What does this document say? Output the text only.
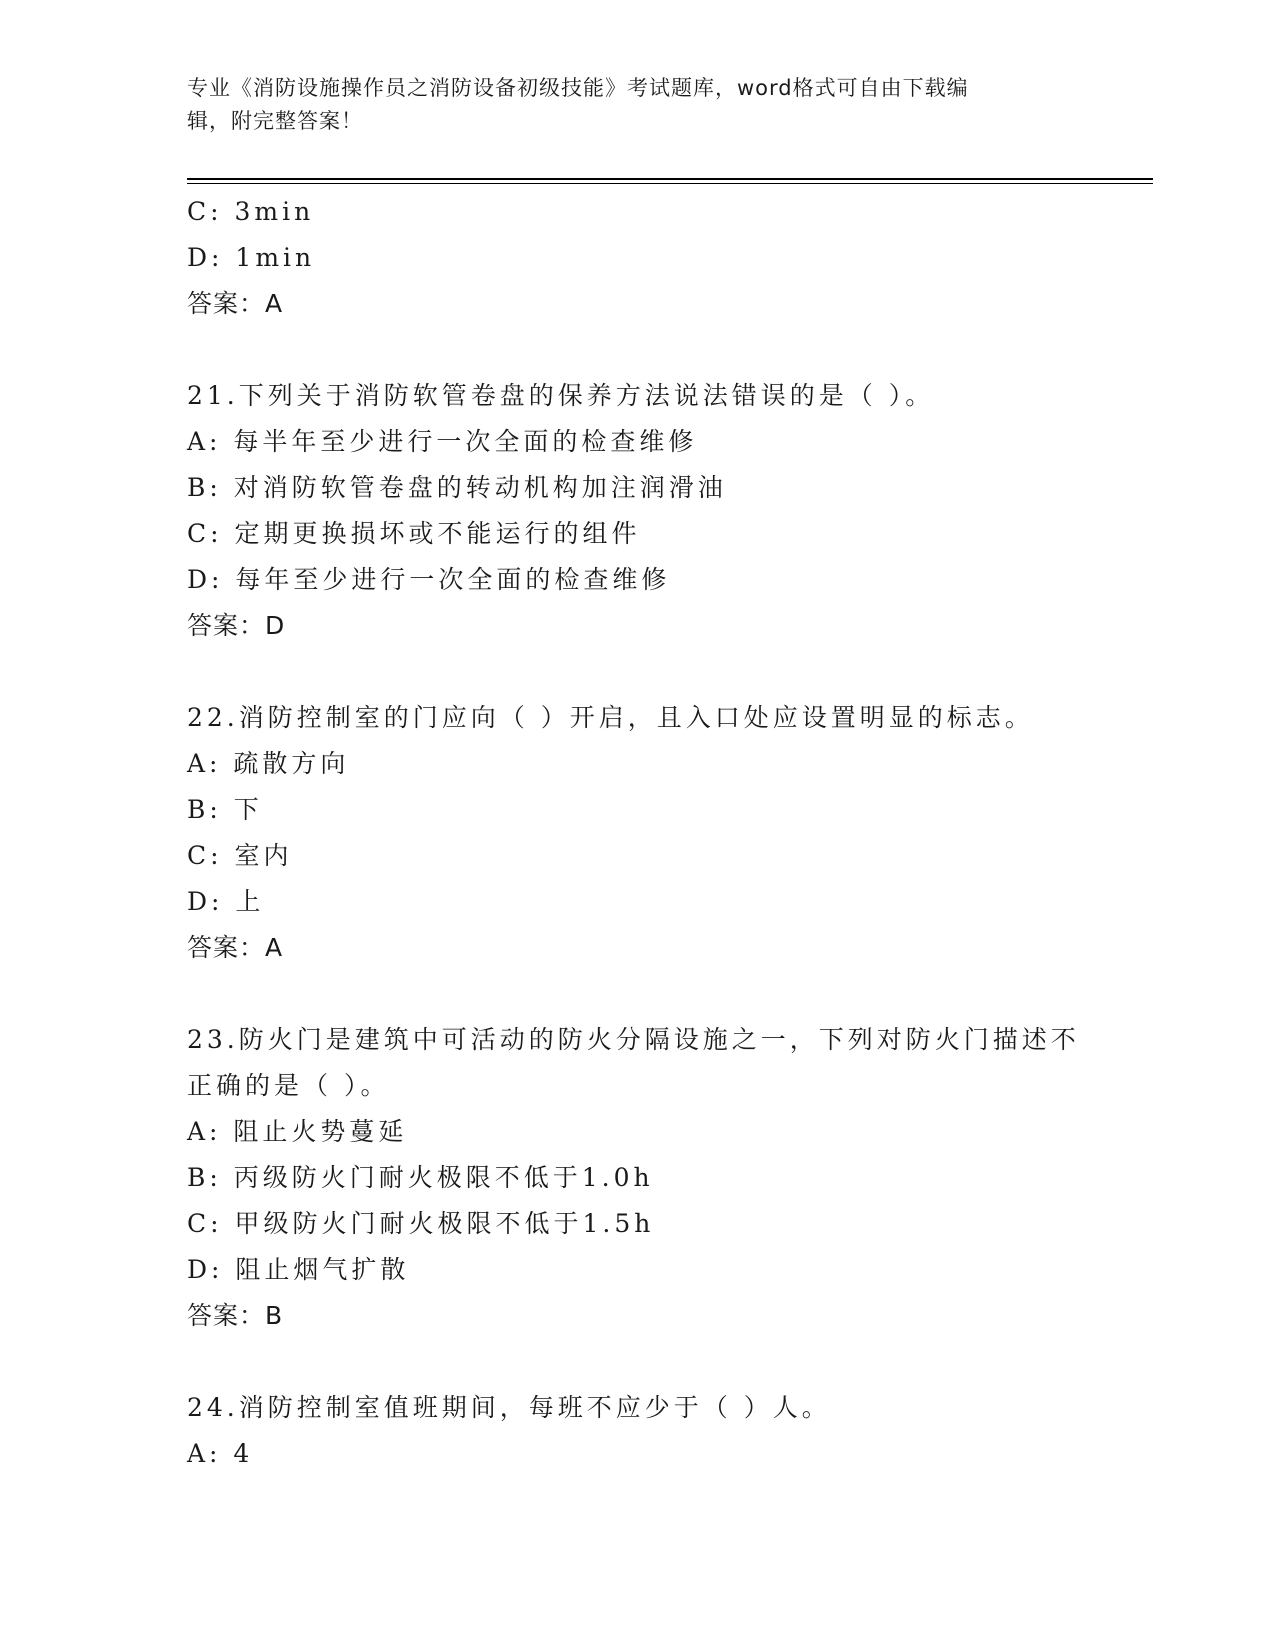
专业《消防设施操作员之消防设备初级技能》考试题库，word格式可自由下载编
辑，附完整答案！
C: 3min
D: 1min
答案：A
21.下列关于消防软管卷盘的保养方法说法错误的是（ ）。
A: 每半年至少进行一次全面的检查维修
B: 对消防软管卷盘的转动机构加注润滑油
C: 定期更换损坏或不能运行的组件
D: 每年至少进行一次全面的检查维修
答案：D
22.消防控制室的门应向（ ）开启，且入口处应设置明显的标志。
A: 疏散方向
B: 下
C: 室内
D: 上
答案：A
23.防火门是建筑中可活动的防火分隔设施之一，下列对防火门描述不
正确的是（ ）。
A: 阻止火势蔓延
B: 丙级防火门耐火极限不低于1.0h
C: 甲级防火门耐火极限不低于1.5h
D: 阻止烟气扩散
答案：B
24.消防控制室值班期间，每班不应少于（ ）人。
A: 4
